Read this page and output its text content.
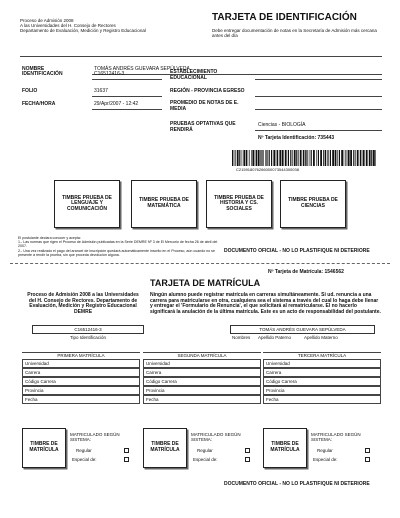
Proceso de Admisión 2008
A las Universidades del H. Consejo de Rectores
Departamento de Evaluación, Medición y Registro Educacional
TARJETA DE IDENTIFICACIÓN
Debe entregar documentación de notas en la Secretaría de Admisión más cercana antes del día
NOMBRE	TOMÁS ANDRÉS GUEVARA SEPÚLVEDA
IDENTIFICACIÓN	C16512416-3	ESTABLECIMIENTO EDUCACIONAL
FOLIO	31637	REGIÓN - PROVINCIA EGRESO
FECHA/HORA	29/Apr/2007 - 12:42	PROMEDIO DE NOTAS DE E. MEDIA
PRUEBAS OPTATIVAS QUE RENDIRÁ
Ciencias - BIOLOGÍA
Nº Tarjeta Identificación: 735443
C215918076266000073544300038
TIMBRE PRUEBA DE LENGUAJE Y COMUNICACIÓN
TIMBRE PRUEBA DE MATEMÁTICA
TIMBRE PRUEBA DE HISTORIA Y CS. SOCIALES
TIMBRE PRUEBA DE CIENCIAS
El postulante declara conocer y acepta:
1.- Las normas que rigen el Proceso de Admisión publicadas en la Serie DEMRE Nº 3 de El Mercurio de fecha 26 de abril del 2007.
2.- Una vez realizado el pago del arancel de inscripción quedará automáticamente inscrito en el Proceso, aún cuando no se presente a rendir la prueba, sin que proceda devolución alguna.
DOCUMENTO OFICIAL - NO LO PLASTIFIQUE NI DETERIORE
Nº Tarjeta de Matrícula: 1546562
TARJETA DE MATRÍCULA
Proceso de Admisión 2008 a las Universidades del H. Consejo de Rectores. Departamento de Evaluación, Medición y Registro Educacional DEMRE
Ningún alumno puede registrar matrícula en carreras simultáneamente. Si ud. renuncia a una carrera para matricularse en otra, cualquiera sea el sistema a través del cual lo haga debe llenar y entregar el 'Formulario de Renuncia', el que solicitará al rematricularse. El no hacerlo significará la anulación de la última matrícula. Este es un acto de responsabilidad del postulante.
C16512416-3
Tipo Identificación
TOMÁS ANDRÉS GUEVARA SEPÚLVEDA
Nombres Apellido Paterno	Apellido Materno
PRIMERA MATRÍCULA	SEGUNDA MATRÍCULA	TERCERA MATRÍCULA
Universidad
Carrera
Código Carrera
Provincia
Fecha
Universidad
Carrera
Código Carrera
Provincia
Fecha
Universidad
Carrera
Código Carrera
Provincia
Fecha
TIMBRE DE MATRÍCULA
MATRICULADO SEGÚN SISTEMA:
Regular
Especial de:
TIMBRE DE MATRÍCULA
MATRICULADO SEGÚN SISTEMA:
Regular
Especial de:
TIMBRE DE MATRÍCULA
MATRICULADO SEGÚN SISTEMA:
Regular
Especial de:
DOCUMENTO OFICIAL - NO LO PLASTIFIQUE NI DETERIORE
